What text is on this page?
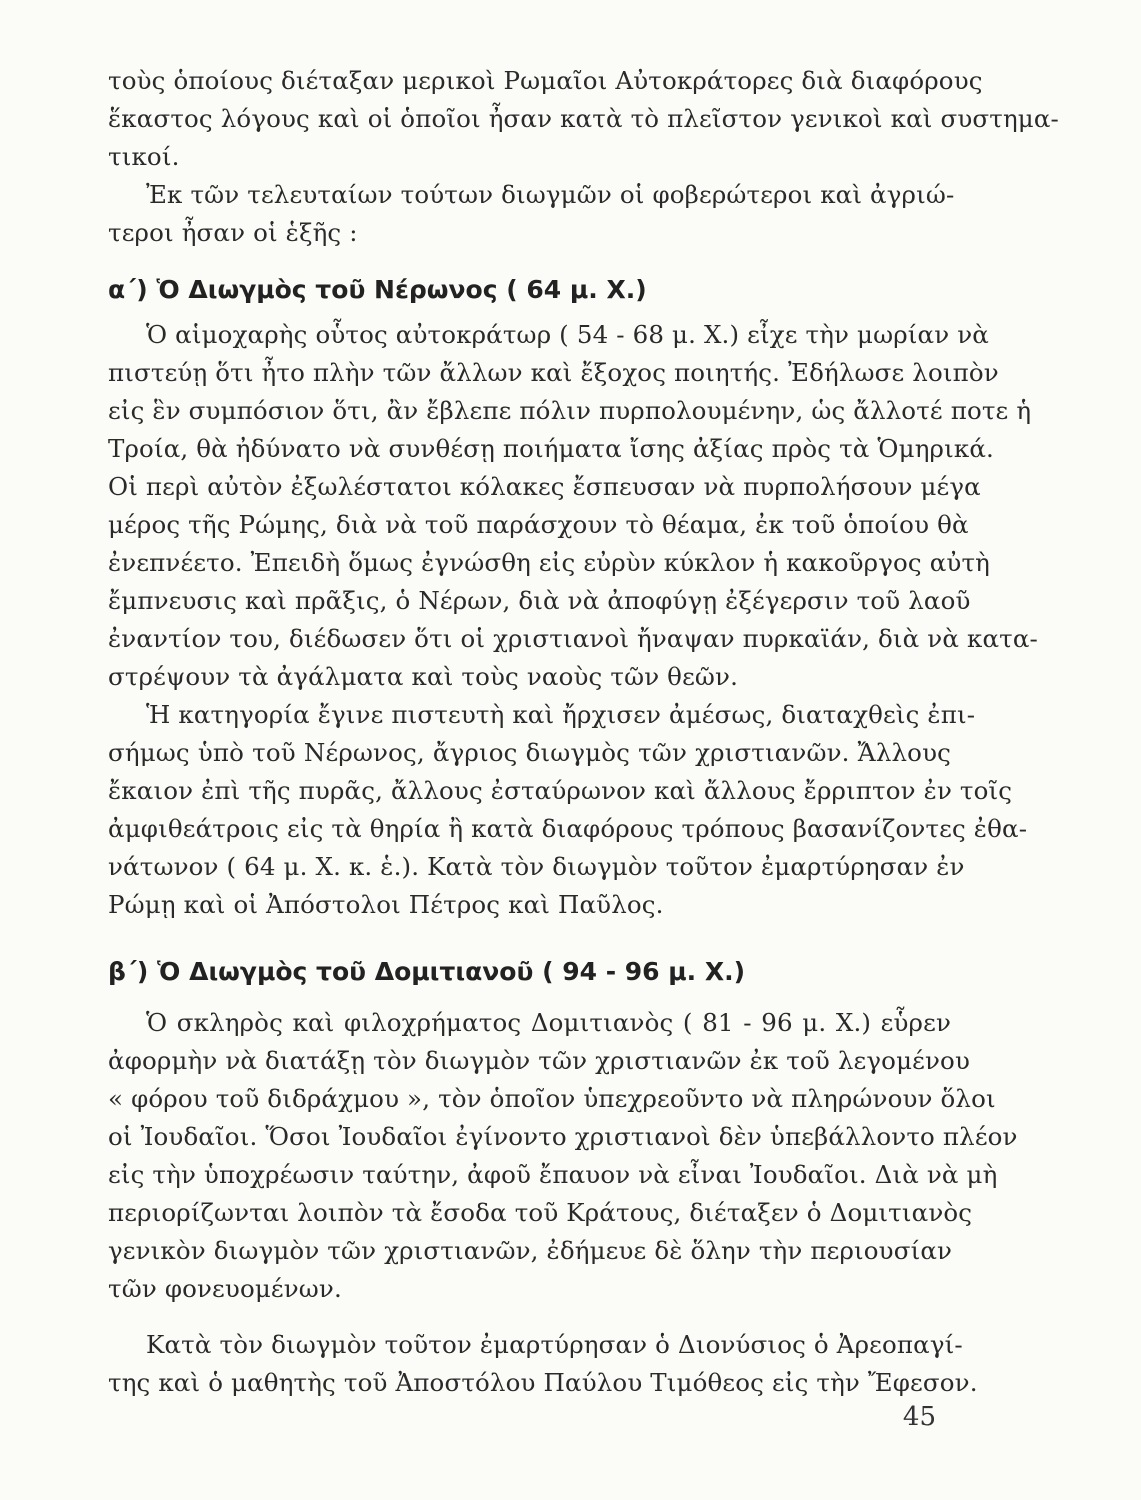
τοὺς ὁποίους διέταξαν μερικοὶ Ρωμαῖοι Αὐτοκράτορες διὰ διαφόρους
ἕκαστος λόγους καὶ οἱ ὁποῖοι ἦσαν κατὰ τὸ πλεῖστον γενικοὶ καὶ συστημα-
τικοί.
Ἐκ τῶν τελευταίων τούτων διωγμῶν οἱ φοβερώτεροι καὶ ἀγριώ-
τεροι ἦσαν οἱ ἑξῆς :
α΄) Ὁ Διωγμὸς τοῦ Νέρωνος ( 64 μ. Χ.)
Ὁ αἱμοχαρὴς οὗτος αὐτοκράτωρ ( 54 - 68 μ. Χ.) εἶχε τὴν μωρίαν νὰ
πιστεύῃ ὅτι ἦτο πλὴν τῶν ἄλλων καὶ ἔξοχος ποιητής. Ἐδήλωσε λοιπὸν
εἰς ἓν συμπόσιον ὅτι, ἂν ἔβλεπε πόλιν πυρπολουμένην, ὡς ἄλλοτέ ποτε ἡ
Τροία, θὰ ἠδύνατο νὰ συνθέσῃ ποιήματα ἴσης ἀξίας πρὸς τὰ Ὁμηρικά.
Οἱ περὶ αὐτὸν ἐξωλέστατοι κόλακες ἔσπευσαν νὰ πυρπολήσουν μέγα
μέρος τῆς Ρώμης, διὰ νὰ τοῦ παράσχουν τὸ θέαμα, ἐκ τοῦ ὁποίου θὰ
ἐνεπνέετο. Ἐπειδὴ ὅμως ἐγνώσθη εἰς εὐρὺν κύκλον ἡ κακοῦργος αὐτὴ
ἔμπνευσις καὶ πρᾶξις, ὁ Νέρων, διὰ νὰ ἀποφύγῃ ἐξέγερσιν τοῦ λαοῦ
ἐναντίον του, διέδωσεν ὅτι οἱ χριστιανοὶ ἤναψαν πυρκαϊάν, διὰ νὰ κατα-
στρέψουν τὰ ἀγάλματα καὶ τοὺς ναοὺς τῶν θεῶν.
Ἡ κατηγορία ἔγινε πιστευτὴ καὶ ἤρχισεν ἀμέσως, διαταχθεὶς ἐπι-
σήμως ὑπὸ τοῦ Νέρωνος, ἄγριος διωγμὸς τῶν χριστιανῶν. Ἄλλους
ἔκαιον ἐπὶ τῆς πυρᾶς, ἄλλους ἐσταύρωνον καὶ ἄλλους ἔρριπτον ἐν τοῖς
ἀμφιθεάτροις εἰς τὰ θηρία ἢ κατὰ διαφόρους τρόπους βασανίζοντες ἐθα-
νάτωνον ( 64 μ. Χ. κ. ἑ.). Κατὰ τὸν διωγμὸν τοῦτον ἐμαρτύρησαν ἐν
Ρώμῃ καὶ οἱ Ἀπόστολοι Πέτρος καὶ Παῦλος.
β΄) Ὁ Διωγμὸς τοῦ Δομιτιανοῦ ( 94 - 96 μ. Χ.)
Ὁ σκληρὸς καὶ φιλοχρήματος Δομιτιανὸς ( 81 - 96 μ. Χ.) εὗρεν
ἀφορμὴν νὰ διατάξῃ τὸν διωγμὸν τῶν χριστιανῶν ἐκ τοῦ λεγομένου
« φόρου τοῦ διδράχμου », τὸν ὁποῖον ὑπεχρεοῦντο νὰ πληρώνουν ὅλοι
οἱ Ἰουδαῖοι. Ὅσοι Ἰουδαῖοι ἐγίνοντο χριστιανοὶ δὲν ὑπεβάλλοντο πλέον
εἰς τὴν ὑποχρέωσιν ταύτην, ἀφοῦ ἔπαυον νὰ εἶναι Ἰουδαῖοι. Διὰ νὰ μὴ
περιορίζωνται λοιπὸν τὰ ἔσοδα τοῦ Κράτους, διέταξεν ὁ Δομιτιανὸς
γενικὸν διωγμὸν τῶν χριστιανῶν, ἐδήμευε δὲ ὅλην τὴν περιουσίαν
τῶν φονευομένων.
Κατὰ τὸν διωγμὸν τοῦτον ἐμαρτύρησαν ὁ Διονύσιος ὁ Ἀρεοπαγί-
της καὶ ὁ μαθητὴς τοῦ Ἀποστόλου Παύλου Τιμόθεος εἰς τὴν Ἔφεσον.
45
